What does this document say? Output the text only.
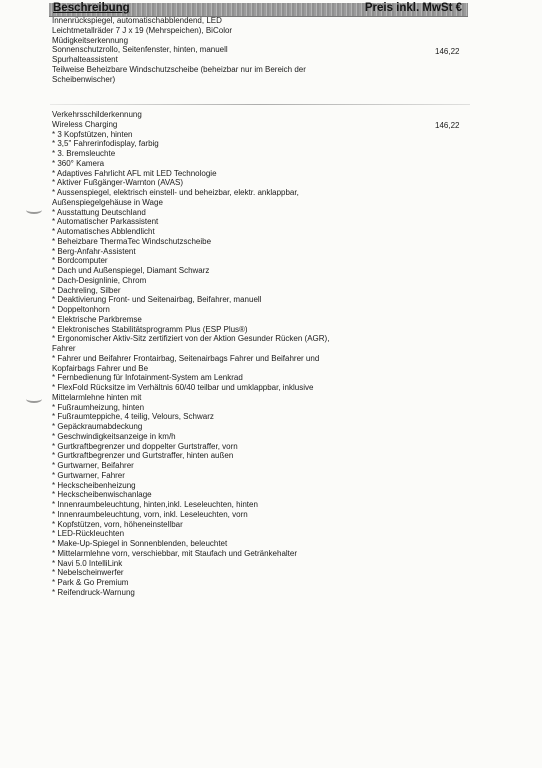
Beschreibung	Preis inkl. MwSt €
Innenrückspiegel, automatischabblendend, LED
Leichtmetallräder 7 J x 19 (Mehrspeichen), BiColor
Müdigkeitserkennung
Sonnenschutzrollo, Seitenfenster, hinten, manuell
Spurhalteassistent
Teilweise Beheizbare Windschutzscheibe (beheizbar nur im Bereich der
Scheibenwischer)
146,22
Verkehrsschilderkennung
Wireless Charging
* 3 Kopfstützen, hinten
* 3,5" Fahrerinfodisplay, farbig
* 3. Bremsleuchte
* 360° Kamera
* Adaptives Fahrlicht AFL mit LED Technologie
* Aktiver Fußgänger-Warnton (AVAS)
* Aussenspiegel, elektrisch einstell- und beheizbar, elektr. anklappbar,
Außenspiegelgehäuse in Wage
* Ausstattung Deutschland
* Automatischer Parkassistent
* Automatisches Abblendlicht
* Beheizbare ThermaTec Windschutzscheibe
* Berg-Anfahr-Assistent
* Bordcomputer
* Dach und Außenspiegel, Diamant Schwarz
* Dach-Designlinie, Chrom
* Dachreling, Silber
* Deaktivierung Front- und Seitenairbag, Beifahrer, manuell
* Doppeltonhorn
* Elektrische Parkbremse
* Elektronisches Stabilitätsprogramm Plus (ESP Plus®)
* Ergonomischer Aktiv-Sitz zertifiziert von der Aktion Gesunder Rücken (AGR),
Fahrer
* Fahrer und Beifahrer Frontairbag, Seitenairbags Fahrer und Beifahrer und
Kopfairbags Fahrer und Be
* Fernbedienung für Infotainment-System am Lenkrad
* FlexFold Rücksitze im Verhältnis 60/40 teilbar und umklappbar, inklusive
Mittelarmlehne hinten mit
* Fußraumheizung, hinten
* Fußraumteppiche, 4 teilig, Velours, Schwarz
* Gepäckraumabdeckung
* Geschwindigkeitsanzeige in km/h
* Gurtkraftbegrenzer und doppelter Gurtstraffer, vorn
* Gurtkraftbegrenzer und Gurtstraffer, hinten außen
* Gurtwarner, Beifahrer
* Gurtwarner, Fahrer
* Heckscheibenheizung
* Heckscheibenwischanlage
* Innenraumbeleuchtung, hinten,inkl. Leseleuchten, hinten
* Innenraumbeleuchtung, vorn, inkl. Leseleuchten, vorn
* Kopfstützen, vorn, höheneinstellbar
* LED-Rückleuchten
* Make-Up-Spiegel in Sonnenblenden, beleuchtet
* Mittelarmlehne vorn, verschiebbar, mit Staufach und Getränkehalter
* Navi 5.0 IntelliLink
* Nebelscheinwerfer
* Park & Go Premium
* Reifendruck-Warnung
146,22
